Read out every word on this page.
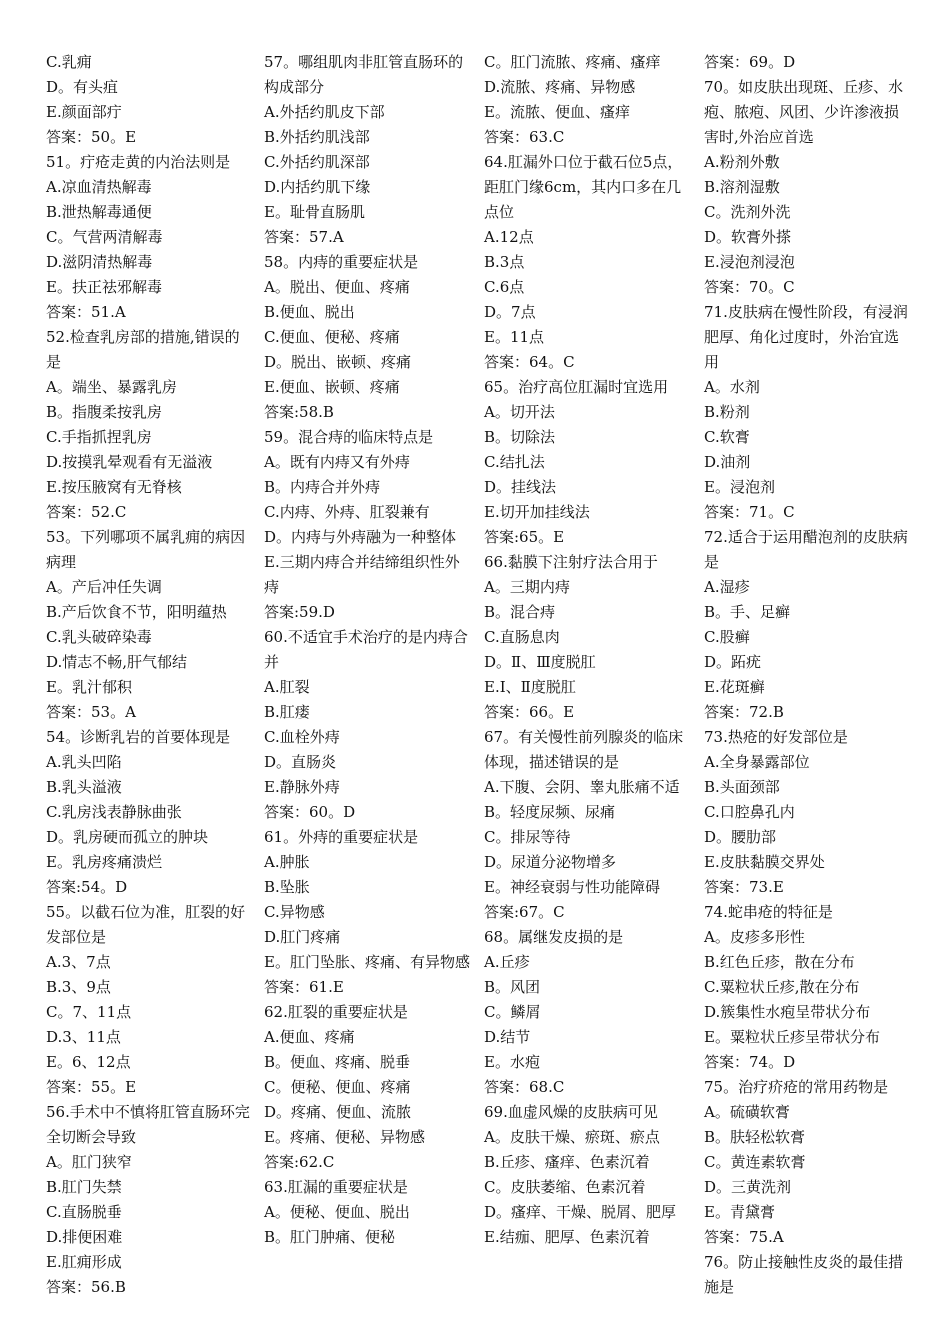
C.乳痈

D。有头疽

E.颜面部疔

答案：50。E

51。疔疮走黄的内治法则是

A.凉血清热解毒

B.泄热解毒通便

C。气营两清解毒

D.滋阴清热解毒

E。扶正祛邪解毒

答案：51.A

52.检查乳房部的措施,错误的是

A。端坐、暴露乳房

B。指腹柔按乳房

C.手指抓捏乳房

D.按摸乳晕观看有无溢液

E.按压腋窝有无脊核

答案：52.C

53。下列哪项不属乳痈的病因病理

A。产后冲任失调

B.产后饮食不节，阳明蕴热

C.乳头破碎染毒

D.情志不畅,肝气郁结

E。乳汁郁积

答案：53。A

54。诊断乳岩的首要体现是

A.乳头凹陷

B.乳头溢液

C.乳房浅表静脉曲张

D。乳房硬而孤立的肿块

E。乳房疼痛溃烂

答案:54。D

55。以截石位为准，肛裂的好发部位是

A.3、7点

B.3、9点

C。7、11点

D.3、11点

E。6、12点

答案：55。E

56.手术中不慎将肛管直肠环完全切断会导致

A。肛门狭窄

B.肛门失禁

C.直肠脱垂

D.排便困难

E.肛痈形成

答案：56.B

57。哪组肌肉非肛管直肠环的构成部分

A.外括约肌皮下部

B.外括约肌浅部

C.外括约肌深部

D.内括约肌下缘

E。耻骨直肠肌

答案：57.A

58。内痔的重要症状是

A。脱出、便血、疼痛

B.便血、脱出

C.便血、便秘、疼痛

D。脱出、嵌顿、疼痛

E.便血、嵌顿、疼痛

答案:58.B

59。混合痔的临床特点是

A。既有内痔又有外痔

B。内痔合并外痔

C.内痔、外痔、肛裂兼有

D。内痔与外痔融为一种整体

E.三期内痔合并结缔组织性外痔

答案:59.D

60.不适宜手术治疗的是内痔合并

A.肛裂

B.肛瘘

C.血栓外痔

D。直肠炎

E.静脉外痔

答案：60。D

61。外痔的重要症状是

A.肿胀

B.坠胀

C.异物感

D.肛门疼痛

E。肛门坠胀、疼痛、有异物感

答案：61.E

62.肛裂的重要症状是

A.便血、疼痛

B。便血、疼痛、脱垂

C。便秘、便血、疼痛

D。疼痛、便血、流脓

E。疼痛、便秘、异物感

答案:62.C

63.肛漏的重要症状是

A。便秘、便血、脱出

B。肛门肿痛、便秘

C。肛门流脓、疼痛、瘙痒

D.流脓、疼痛、异物感

E。流脓、便血、瘙痒

答案：63.C

64.肛漏外口位于截石位5点，距肛门缘6cm，其内口多在几点位

A.12点

B.3点

C.6点

D。7点

E。11点

答案：64。C

65。治疗高位肛漏时宜选用

A。切开法

B。切除法

C.结扎法

D。挂线法

E.切开加挂线法

答案:65。E

66.黏膜下注射疗法合用于

A。三期内痔

B。混合痔

C.直肠息肉

D。Ⅱ、Ⅲ度脱肛

E.Ⅰ、Ⅱ度脱肛

答案：66。E

67。有关慢性前列腺炎的临床体现，描述错误的是

A.下腹、会阴、睾丸胀痛不适

B。轻度尿频、尿痛

C。排尿等待

D。尿道分泌物增多

E。神经衰弱与性功能障碍

答案:67。C

68。属继发皮损的是

A.丘疹

B。风团

C。鳞屑

D.结节

E。水疱

答案：68.C

69.血虚风燥的皮肤病可见

A。皮肤干燥、瘀斑、瘀点

B.丘疹、瘙痒、色素沉着

C。皮肤萎缩、色素沉着

D。瘙痒、干燥、脱屑、肥厚

E.结痂、肥厚、色素沉着

答案：69。D

70。如皮肤出现斑、丘疹、水疱、脓疱、风团、少许渗液损害时,外治应首选

A.粉剂外敷

B.溶剂湿敷

C。洗剂外洗

D。软膏外搽

E.浸泡剂浸泡

答案：70。C

71.皮肤病在慢性阶段，有浸润肥厚、角化过度时，外治宜选用

A。水剂

B.粉剂

C.软膏

D.油剂

E。浸泡剂

答案：71。C

72.适合于运用醋泡剂的皮肤病是

A.湿疹

B。手、足癣

C.股癣

D。跖疣

E.花斑癣

答案：72.B

73.热疮的好发部位是

A.全身暴露部位

B.头面颈部

C.口腔鼻孔内

D。腰肋部

E.皮肤黏膜交界处

答案：73.E

74.蛇串疮的特征是

A。皮疹多形性

B.红色丘疹，散在分布

C.粟粒状丘疹,散在分布

D.簇集性水疱呈带状分布

E。粟粒状丘疹呈带状分布

答案：74。D

75。治疗疥疮的常用药物是

A。硫磺软膏

B。肤轻松软膏

C。黄连素软膏

D。三黄洗剂

E。青黛膏

答案：75.A

76。防止接触性皮炎的最佳措施是
